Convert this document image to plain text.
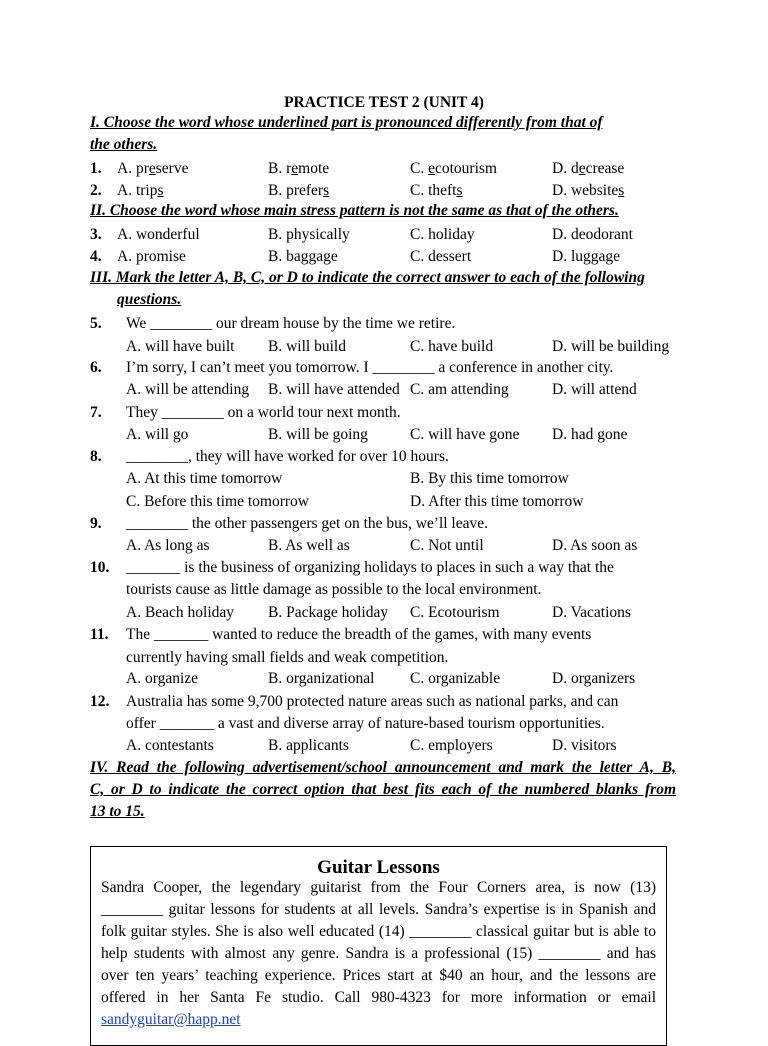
PRACTICE TEST 2 (UNIT 4)
I. Choose the word whose underlined part is pronounced differently from that of
the others.
1. A. preserve	B. remote	C. ecotourism	D. decrease
2. A. trips	B. prefers	C. thefts	D. websites
II. Choose the word whose main stress pattern is not the same as that of the others.
3. A. wonderful	B. physically	C. holiday	D. deodorant
4. A. promise	B. baggage	C. dessert	D. luggage
III. Mark the letter A, B, C, or D to indicate the correct answer to each of the following
questions.
5. We ________ our dream house by the time we retire.
A. will have built B. will build	C. have build	D. will be building
6. I’m sorry, I can’t meet you tomorrow. I ________ a conference in another city.
A. will be attending B. will have attended C. am attending	D. will attend
7. They ________ on a world tour next month.
A. will go	B. will be going	C. will have gone D. had gone
8. ________, they will have worked for over 10 hours.
A. At this time tomorrow	B. By this time tomorrow
C. Before this time tomorrow	D. After this time tomorrow
9. ________ the other passengers get on the bus, we’ll leave.
A. As long as	B. As well as	C. Not until	D. As soon as
10. _______ is the business of organizing holidays to places in such a way that the
tourists cause as little damage as possible to the local environment.
A. Beach holiday B. Package holiday C. Ecotourism	D. Vacations
11. The _______ wanted to reduce the breadth of the games, with many events
currently having small fields and weak competition.
A. organize	B. organizational C. organizable	D. organizers
12. Australia has some 9,700 protected nature areas such as national parks, and can
offer _______ a vast and diverse array of nature-based tourism opportunities.
A. contestants	B. applicants	C. employers	D. visitors
IV. Read the following advertisement/school announcement and mark the letter A, B,
C, or D to indicate the correct option that best fits each of the numbered blanks from
13 to 15.
Guitar Lessons
Sandra Cooper, the legendary guitarist from the Four Corners area, is now (13) ________ guitar lessons for students at all levels. Sandra’s expertise is in Spanish and folk guitar styles. She is also well educated (14) ________ classical guitar but is able to help students with almost any genre. Sandra is a professional (15) ________ and has over ten years’ teaching experience. Prices start at $40 an hour, and the lessons are offered in her Santa Fe studio. Call 980-4323 for more information or email sandyguitar@happ.net
